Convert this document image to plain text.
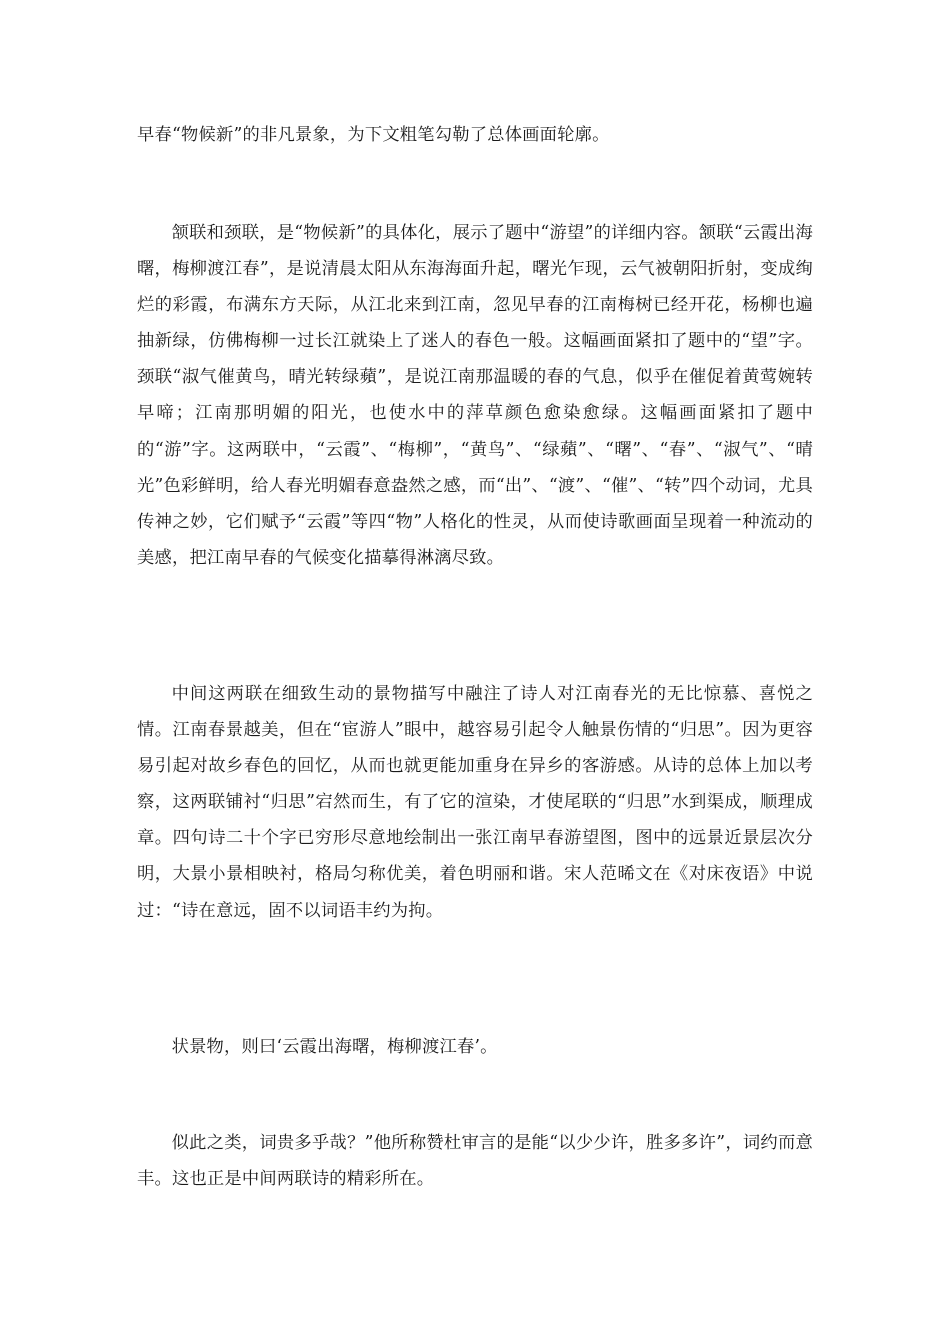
早春“物候新”的非凡景象，为下文粗笔勾勒了总体画面轮廓。

颔联和颈联，是“物候新”的具体化，展示了题中“游望”的详细内容。颔联“云霞出海曙，梅柳渡江春”，是说清晨太阳从东海海面升起，曙光乍现，云气被朝阳折射，变成绚烂的彩霞，布满东方天际，从江北来到江南，忽见早春的江南梅树已经开花，杨柳也遍抽新绿，仿佛梅柳一过长江就染上了迷人的春色一般。这幅画面紧扣了题中的“望”字。颈联“淑气催黄鸟，晴光转绿蘋”，是说江南那温暖的春的气息，似乎在催促着黄莺婉转早啼；江南那明媚的阳光，也使水中的萍草颜色愈染愈绿。这幅画面紧扣了题中的“游”字。这两联中，“云霞”、“梅柳”，“黄鸟”、“绿蘋”、“曙”、“春”、“淑气”、“晴光”色彩鲜明，给人春光明媚春意盎然之感，而“出”、“渡”、“催”、“转”四个动词，尤具传神之妙，它们赋予“云霞”等四“物”人格化的性灵，从而使诗歌画面呈现着一种流动的美感，把江南早春的气候变化描摹得淋漓尽致。

中间这两联在细致生动的景物描写中融注了诗人对江南春光的无比惊慕、喜悦之情。江南春景越美，但在“宦游人”眼中，越容易引起令人触景伤情的“归思”。因为更容易引起对故乡春色的回忆，从而也就更能加重身在异乡的客游感。从诗的总体上加以考察，这两联铺衬“归思”宕然而生，有了它的渲染，才使尾联的“归思”水到渠成，顺理成章。四句诗二十个字已穷形尽意地绘制出一张江南早春游望图，图中的远景近景层次分明，大景小景相映衬，格局匀称优美，着色明丽和谐。宋人范晞文在《对床夜语》中说过：“诗在意远，固不以词语丰约为拘。

状景物，则曰‘云霞出海曙，梅柳渡江春’。

似此之类，词贵多乎哉？”他所称赞杜审言的是能“以少少许，胜多多许”，词约而意丰。这也正是中间两联诗的精彩所在。
